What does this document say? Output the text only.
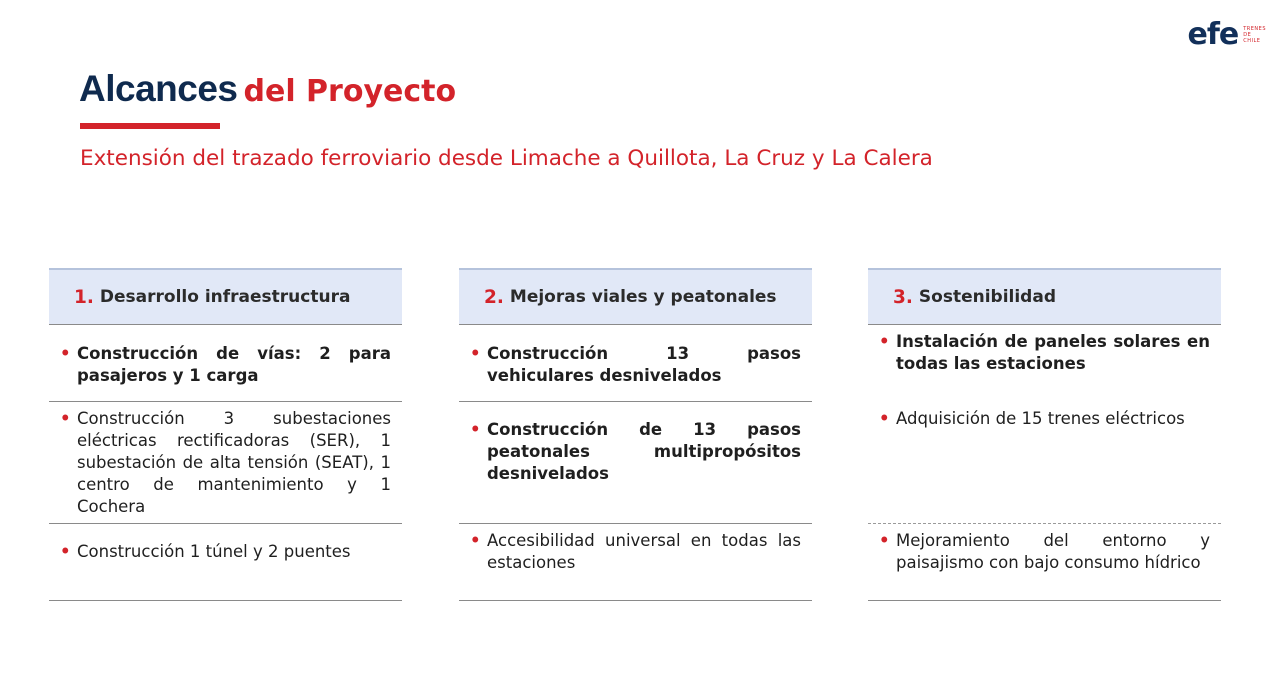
efe TRENES
DE
CHILE
Alcances del Proyecto
Extensión del trazado ferroviario desde Limache a Quillota, La Cruz y La Calera
1. Desarrollo infraestructura
• Construcción de vías: 2 para pasajeros y 1 carga
• Construcción 3 subestaciones eléctricas rectificadoras (SER), 1 subestación de alta tensión (SEAT), 1 centro de mantenimiento y 1 Cochera
• Construcción 1 túnel y 2 puentes
2. Mejoras viales y peatonales
• Construcción 13 pasos vehiculares desnivelados
• Construcción de 13 pasos peatonales multipropósitos desnivelados
• Accesibilidad universal en todas las estaciones
3. Sostenibilidad
• Instalación de paneles solares en todas las estaciones
• Adquisición de 15 trenes eléctricos
• Mejoramiento del entorno y paisajismo con bajo consumo hídrico
